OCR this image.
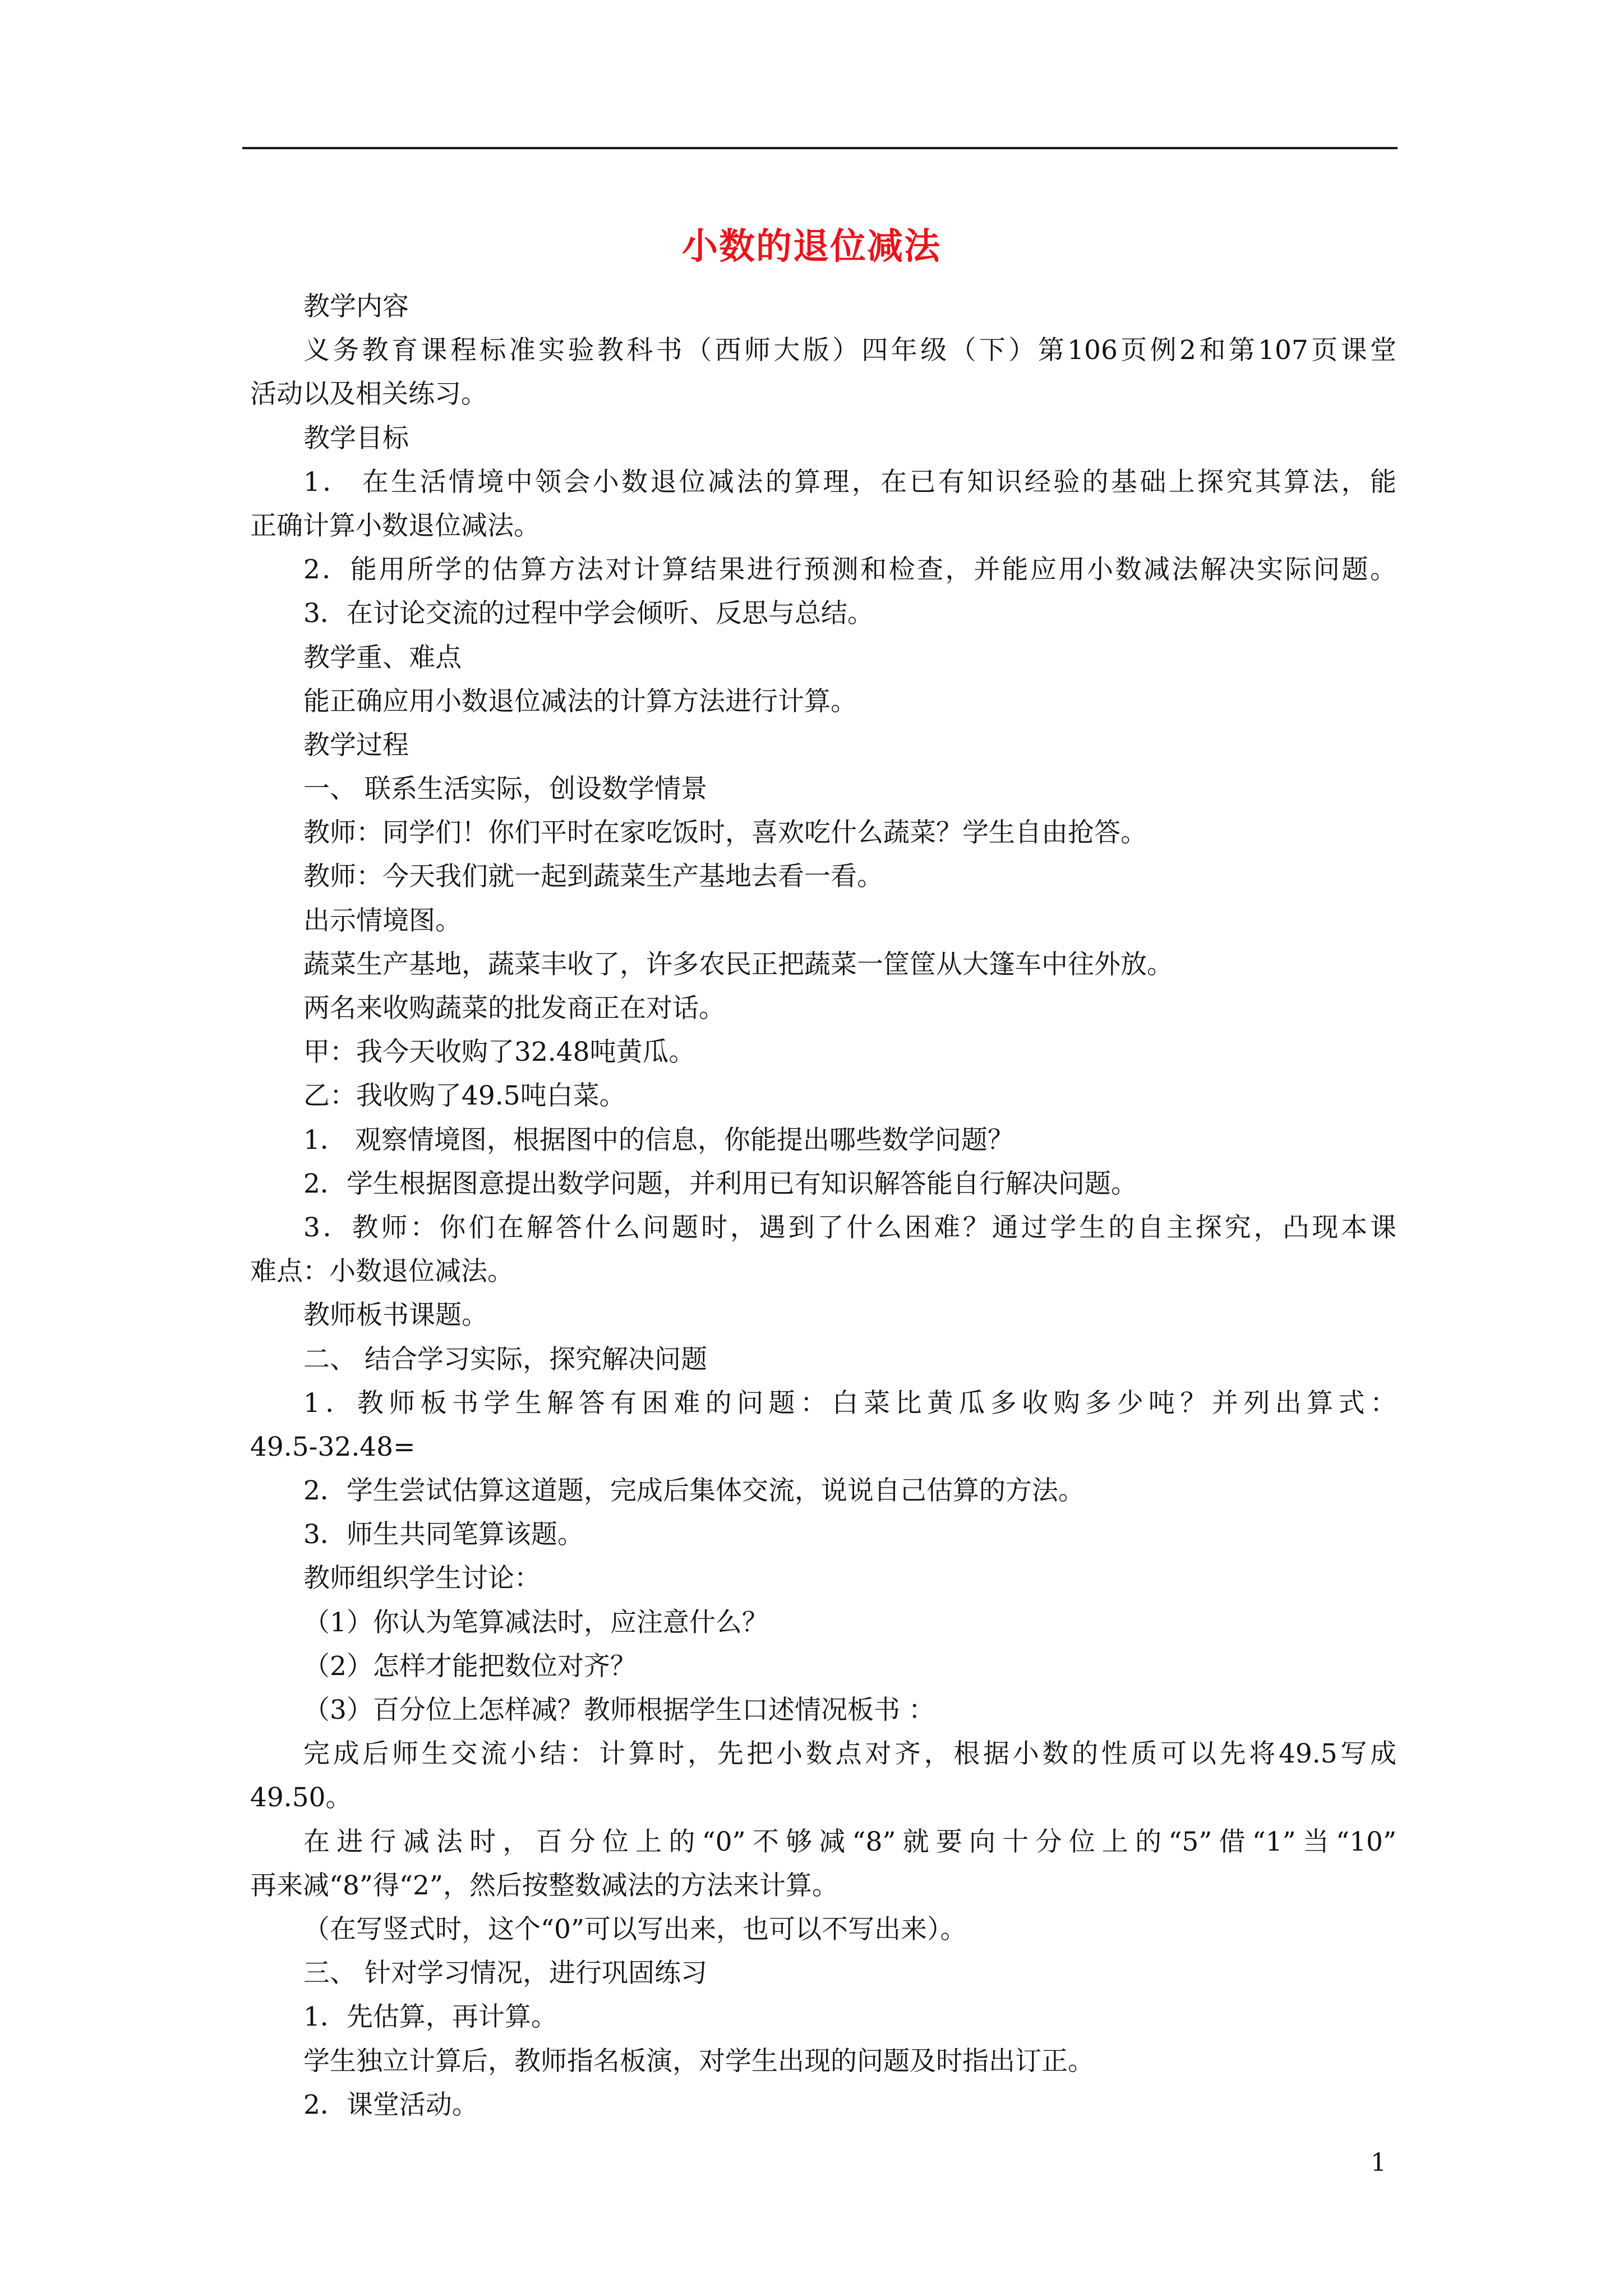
小数的退位减法
教学内容
义务教育课程标准实验教科书（西师大版）四年级（下）第106页例2和第107页课堂
活动以及相关练习。
教学目标
1． 在生活情境中领会小数退位减法的算理，在已有知识经验的基础上探究其算法，能
正确计算小数退位减法。
2．能用所学的估算方法对计算结果进行预测和检查，并能应用小数减法解决实际问题。
3．在讨论交流的过程中学会倾听、反思与总结。
教学重、难点
能正确应用小数退位减法的计算方法进行计算。
教学过程
一、 联系生活实际，创设数学情景
教师：同学们！你们平时在家吃饭时，喜欢吃什么蔬菜？学生自由抢答。
教师：今天我们就一起到蔬菜生产基地去看一看。
出示情境图。
蔬菜生产基地，蔬菜丰收了，许多农民正把蔬菜一筐筐从大篷车中往外放。
两名来收购蔬菜的批发商正在对话。
甲：我今天收购了32.48吨黄瓜。
乙：我收购了49.5吨白菜。
1． 观察情境图，根据图中的信息，你能提出哪些数学问题？
2．学生根据图意提出数学问题，并利用已有知识解答能自行解决问题。
3．教师：你们在解答什么问题时，遇到了什么困难？通过学生的自主探究，凸现本课
难点：小数退位减法。
教师板书课题。
二、 结合学习实际，探究解决问题
1．教师板书学生解答有困难的问题：白菜比黄瓜多收购多少吨？并列出算式：
49.5-32.48=
2．学生尝试估算这道题，完成后集体交流，说说自己估算的方法。
3．师生共同笔算该题。
教师组织学生讨论：
（1）你认为笔算减法时，应注意什么？
（2）怎样才能把数位对齐？
（3）百分位上怎样减？教师根据学生口述情况板书 ：
完成后师生交流小结：计算时，先把小数点对齐，根据小数的性质可以先将49.5写成
49.50。
在进行减法时，百分位上的“0”不够减“8”就要向十分位上的“5”借“1”当“10”
再来减“8”得“2”，然后按整数减法的方法来计算。
（在写竖式时，这个“0”可以写出来，也可以不写出来）。
三、 针对学习情况，进行巩固练习
1．先估算，再计算。
学生独立计算后，教师指名板演，对学生出现的问题及时指出订正。
2．课堂活动。
1
